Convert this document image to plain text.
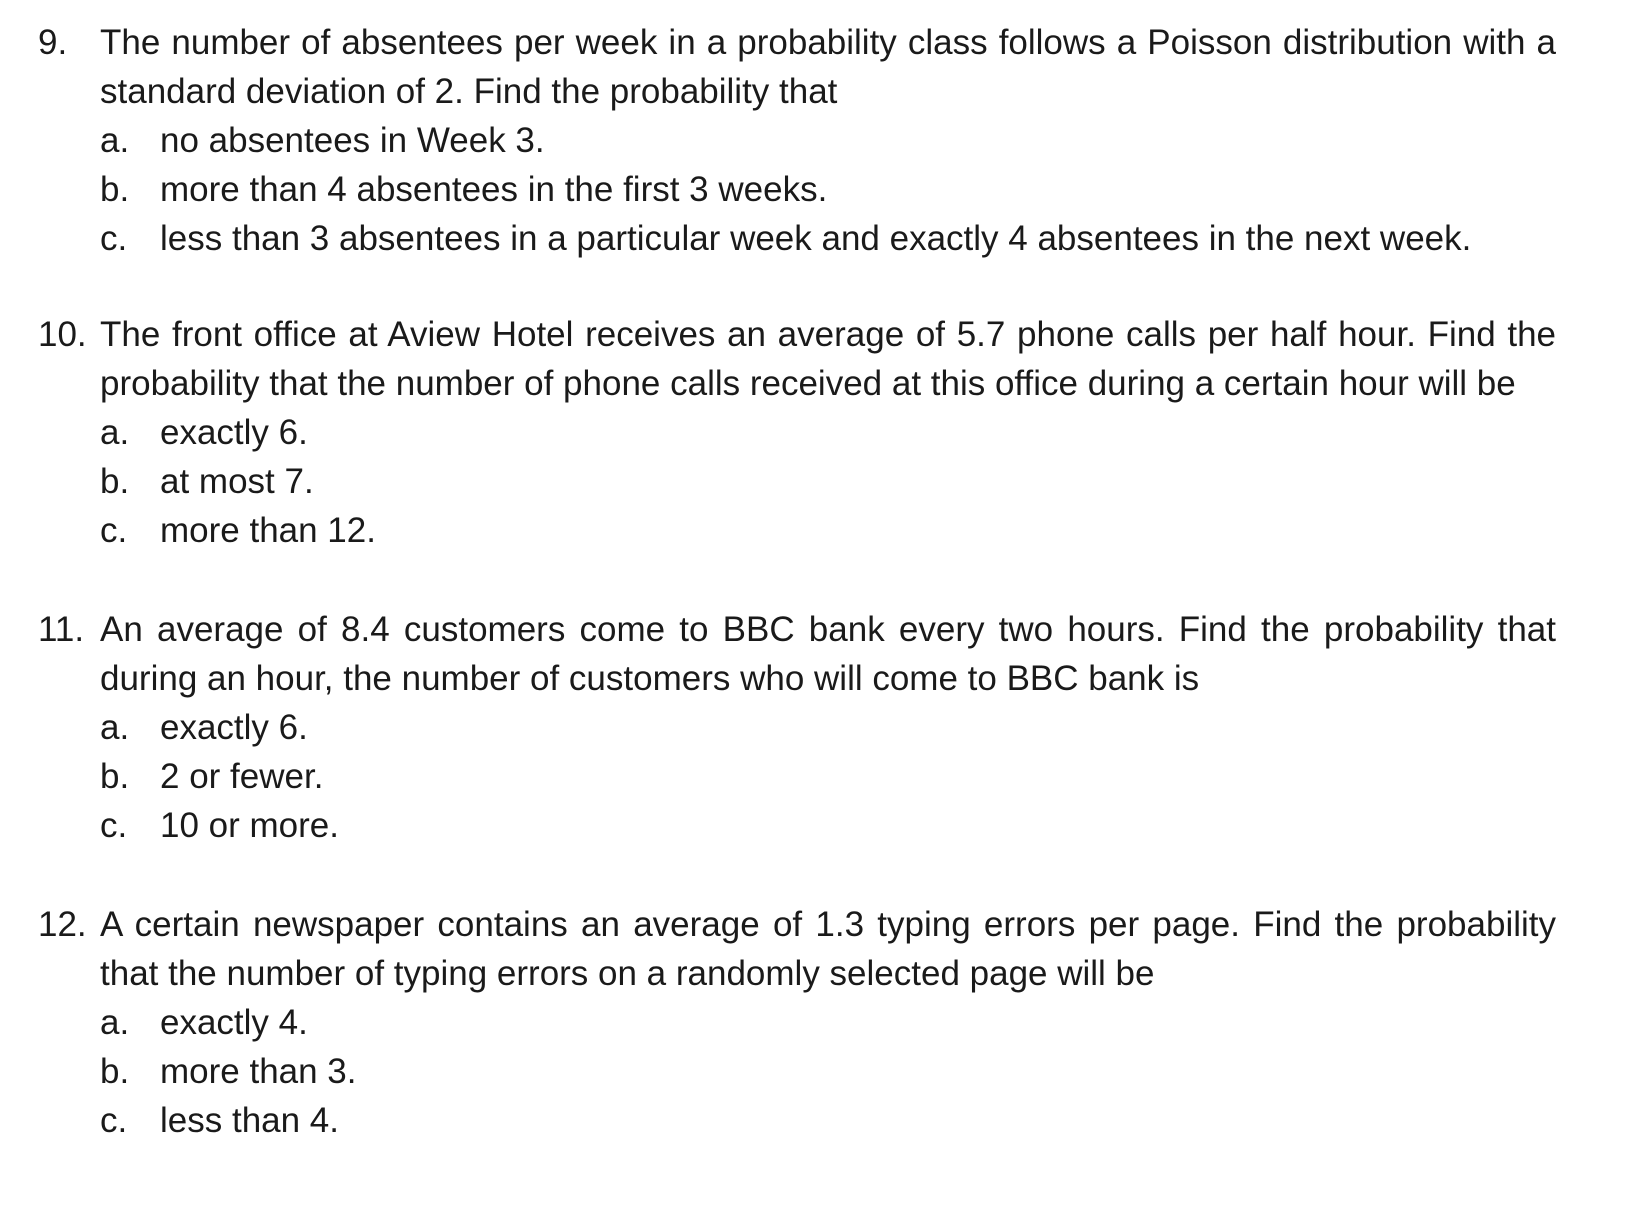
9. The number of absentees per week in a probability class follows a Poisson distribution with a standard deviation of 2. Find the probability that
a. no absentees in Week 3.
b. more than 4 absentees in the first 3 weeks.
c. less than 3 absentees in a particular week and exactly 4 absentees in the next week.
10. The front office at Aview Hotel receives an average of 5.7 phone calls per half hour. Find the probability that the number of phone calls received at this office during a certain hour will be
a. exactly 6.
b. at most 7.
c. more than 12.
11. An average of 8.4 customers come to BBC bank every two hours. Find the probability that during an hour, the number of customers who will come to BBC bank is
a. exactly 6.
b. 2 or fewer.
c. 10 or more.
12. A certain newspaper contains an average of 1.3 typing errors per page. Find the probability that the number of typing errors on a randomly selected page will be
a. exactly 4.
b. more than 3.
c. less than 4.
